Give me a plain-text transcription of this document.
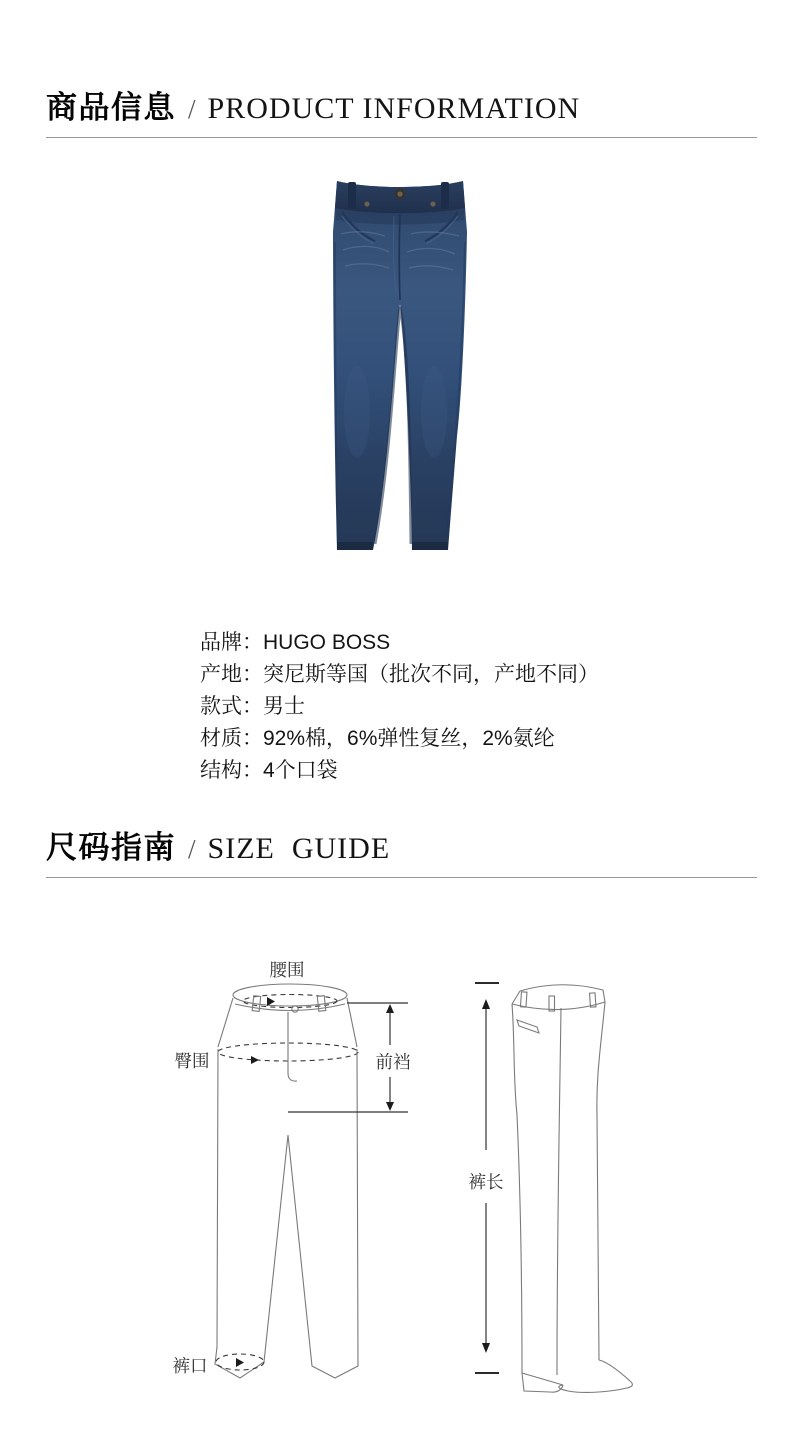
商品信息 / PRODUCT INFORMATION
品牌：HUGO BOSS
产地：突尼斯等国（批次不同，产地不同）
款式：男士
材质：92%棉，6%弹性复丝，2%氨纶
结构：4个口袋
尺码指南 / SIZE  GUIDE
腰围
臀围	前裆
裤口
裤长
